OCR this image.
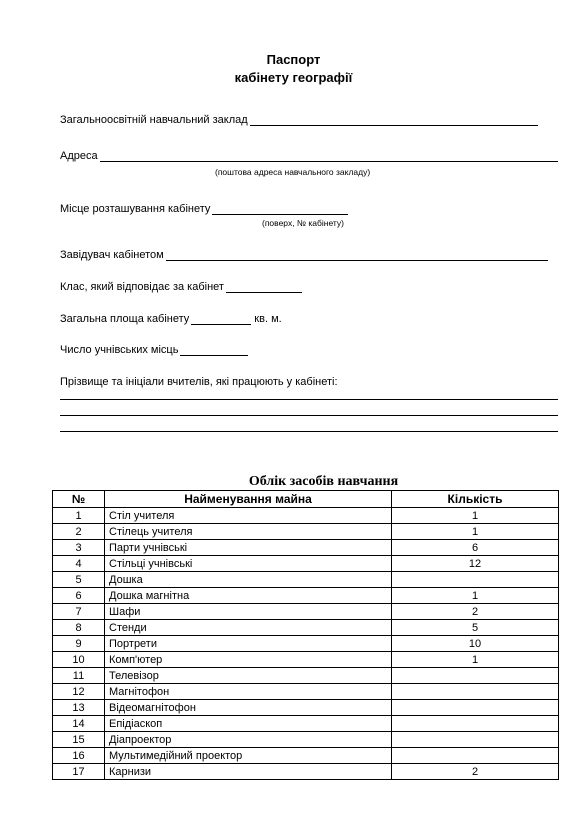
Паспорт
кабінету географії
Загальноосвітній навчальний заклад
Адреса
(поштова адреса навчального закладу)
Місце розташування кабінету
(поверх, № кабінету)
Завідувач кабінетом
Клас, який відповідає за кабінет
Загальна площа кабінету	кв. м.
Число учнівських місць
Прізвище та ініціали вчителів, які працюють у кабінеті:
Облік засобів навчання
№	Найменування майна	Кількість
1	Стіл учителя	1
2	Стілець учителя	1
3	Парти учнівські	6
4	Стільці учнівські	12
5	Дошка	
6	Дошка магнітна	1
7	Шафи	2
8	Стенди	5
9	Портрети	10
10	Комп'ютер	1
11	Телевізор	
12	Магнітофон	
13	Відеомагнітофон	
14	Епідіаскоп	
15	Діапроектор	
16	Мультимедійний проектор	
17	Карнизи	2
